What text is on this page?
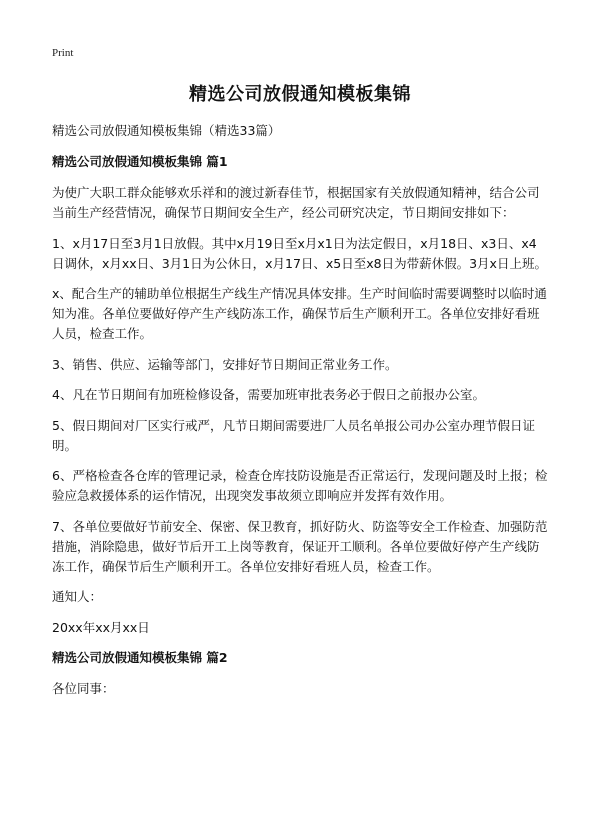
Print
精选公司放假通知模板集锦

精选公司放假通知模板集锦（精选33篇）

精选公司放假通知模板集锦 篇1

为使广大职工群众能够欢乐祥和的渡过新春佳节，根据国家有关放假通知精神，结合公司当前生产经营情况，确保节日期间安全生产，经公司研究决定，节日期间安排如下：

1、x月17日至3月1日放假。其中x月19日至x月x1日为法定假日，x月18日、x3日、x4日调休，x月xx日、3月1日为公休日，x月17日、x5日至x8日为带薪休假。3月x日上班。

x、配合生产的辅助单位根据生产线生产情况具体安排。生产时间临时需要调整时以临时通知为准。各单位要做好停产生产线防冻工作，确保节后生产顺利开工。各单位安排好看班人员，检查工作。

3、销售、供应、运输等部门，安排好节日期间正常业务工作。

4、凡在节日期间有加班检修设备，需要加班审批表务必于假日之前报办公室。

5、假日期间对厂区实行戒严，凡节日期间需要进厂人员名单报公司办公室办理节假日证明。

6、严格检查各仓库的管理记录，检查仓库技防设施是否正常运行，发现问题及时上报；检验应急救援体系的运作情况，出现突发事故须立即响应并发挥有效作用。

7、各单位要做好节前安全、保密、保卫教育，抓好防火、防盗等安全工作检查、加强防范措施，消除隐患，做好节后开工上岗等教育，保证开工顺利。各单位要做好停产生产线防冻工作，确保节后生产顺利开工。各单位安排好看班人员，检查工作。

通知人：

20xx年xx月xx日

精选公司放假通知模板集锦 篇2

各位同事：
